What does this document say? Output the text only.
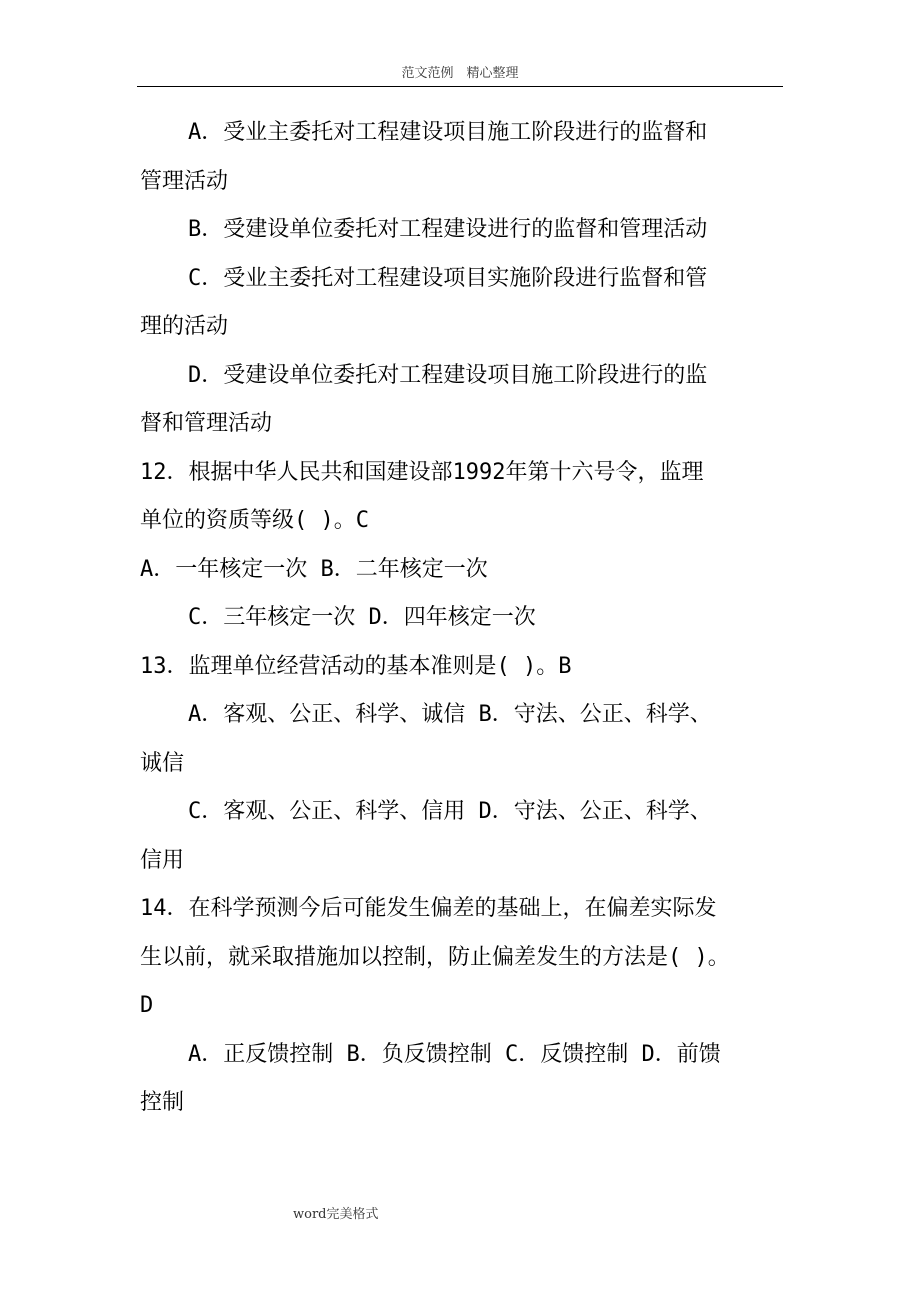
范文范例　精心整理

A．受业主委托对工程建设项目施工阶段进行的监督和

管理活动

B．受建设单位委托对工程建设进行的监督和管理活动

C．受业主委托对工程建设项目实施阶段进行监督和管

理的活动

D．受建设单位委托对工程建设项目施工阶段进行的监

督和管理活动

12．根据中华人民共和国建设部1992年第十六号令，监理

单位的资质等级( )。C

A．一年核定一次 B．二年核定一次

C．三年核定一次 D．四年核定一次

13．监理单位经营活动的基本准则是( )。B

A．客观、公正、科学、诚信 B．守法、公正、科学、

诚信

C．客观、公正、科学、信用 D．守法、公正、科学、

信用

14．在科学预测今后可能发生偏差的基础上，在偏差实际发

生以前，就采取措施加以控制，防止偏差发生的方法是( )。

D

A．正反馈控制 B．负反馈控制 C．反馈控制 D．前馈

控制

word完美格式
